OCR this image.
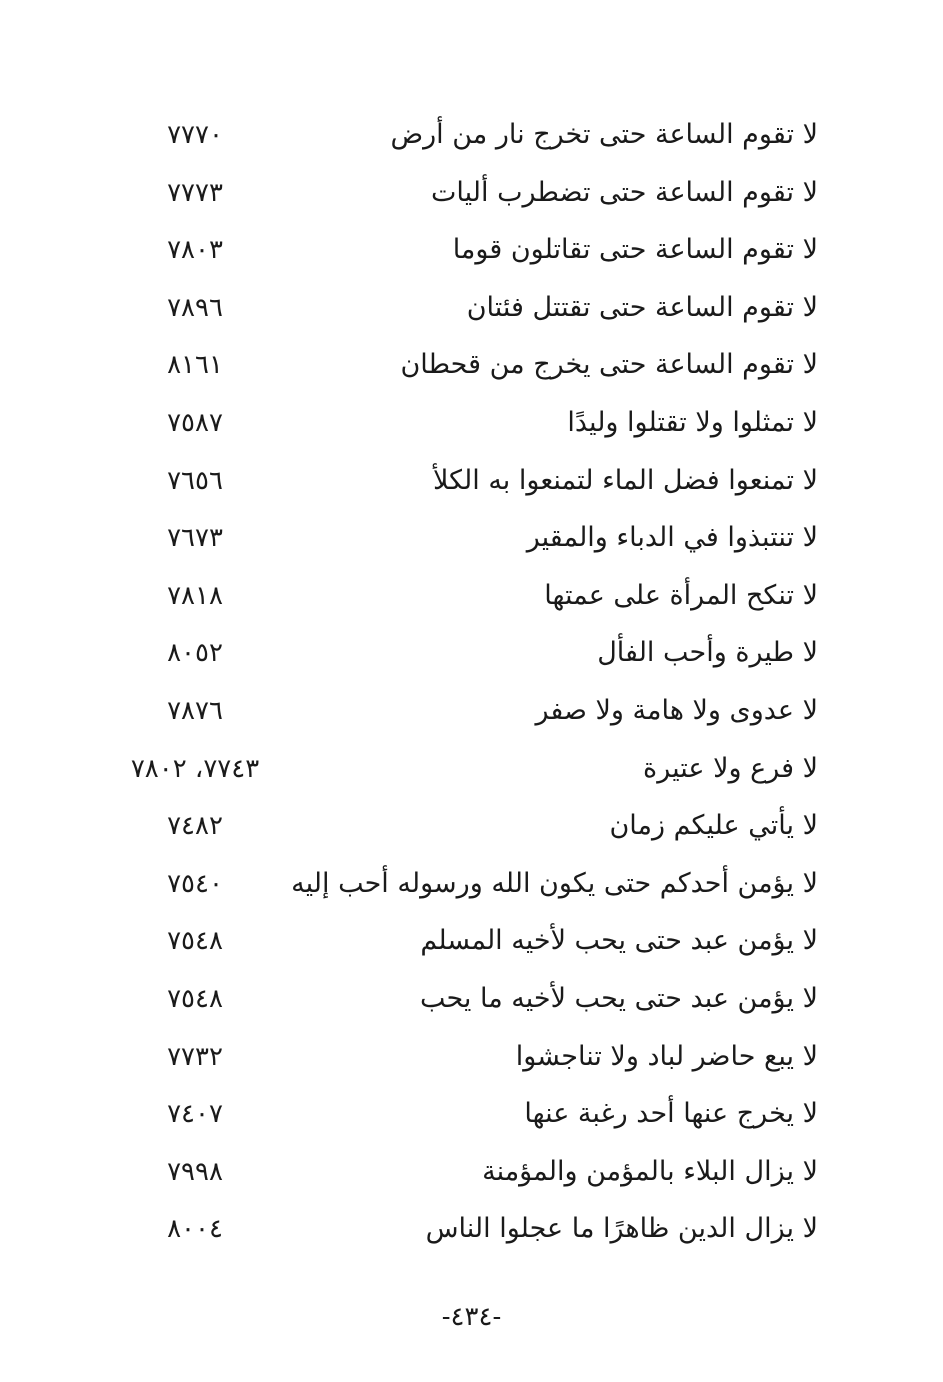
لا تقوم الساعة حتى تخرج نار من أرض
٧٧٧٠
لا تقوم الساعة حتى تضطرب أليات
٧٧٧٣
لا تقوم الساعة حتى تقاتلون قوما
٧٨٠٣
لا تقوم الساعة حتى تقتتل فئتان
٧٨٩٦
لا تقوم الساعة حتى يخرج من قحطان
٨١٦١
لا تمثلوا ولا تقتلوا وليدًا
٧٥٨٧
لا تمنعوا فضل الماء لتمنعوا به الكلأ
٧٦٥٦
لا تنتبذوا في الدباء والمقير
٧٦٧٣
لا تنكح المرأة على عمتها
٧٨١٨
لا طيرة وأحب الفأل
٨٠٥٢
لا عدوى ولا هامة ولا صفر
٧٨٧٦
لا فرع ولا عتيرة
٧٧٤٣، ٧٨٠٢
لا يأتي عليكم زمان
٧٤٨٢
لا يؤمن أحدكم حتى يكون الله ورسوله أحب إليه
٧٥٤٠
لا يؤمن عبد حتى يحب لأخيه المسلم
٧٥٤٨
لا يؤمن عبد حتى يحب لأخيه ما يحب
٧٥٤٨
لا يبع حاضر لباد ولا تناجشوا
٧٧٣٢
لا يخرج عنها أحد رغبة عنها
٧٤٠٧
لا يزال البلاء بالمؤمن والمؤمنة
٧٩٩٨
لا يزال الدين ظاهرًا ما عجلوا الناس
٨٠٠٤
-٤٣٤-
